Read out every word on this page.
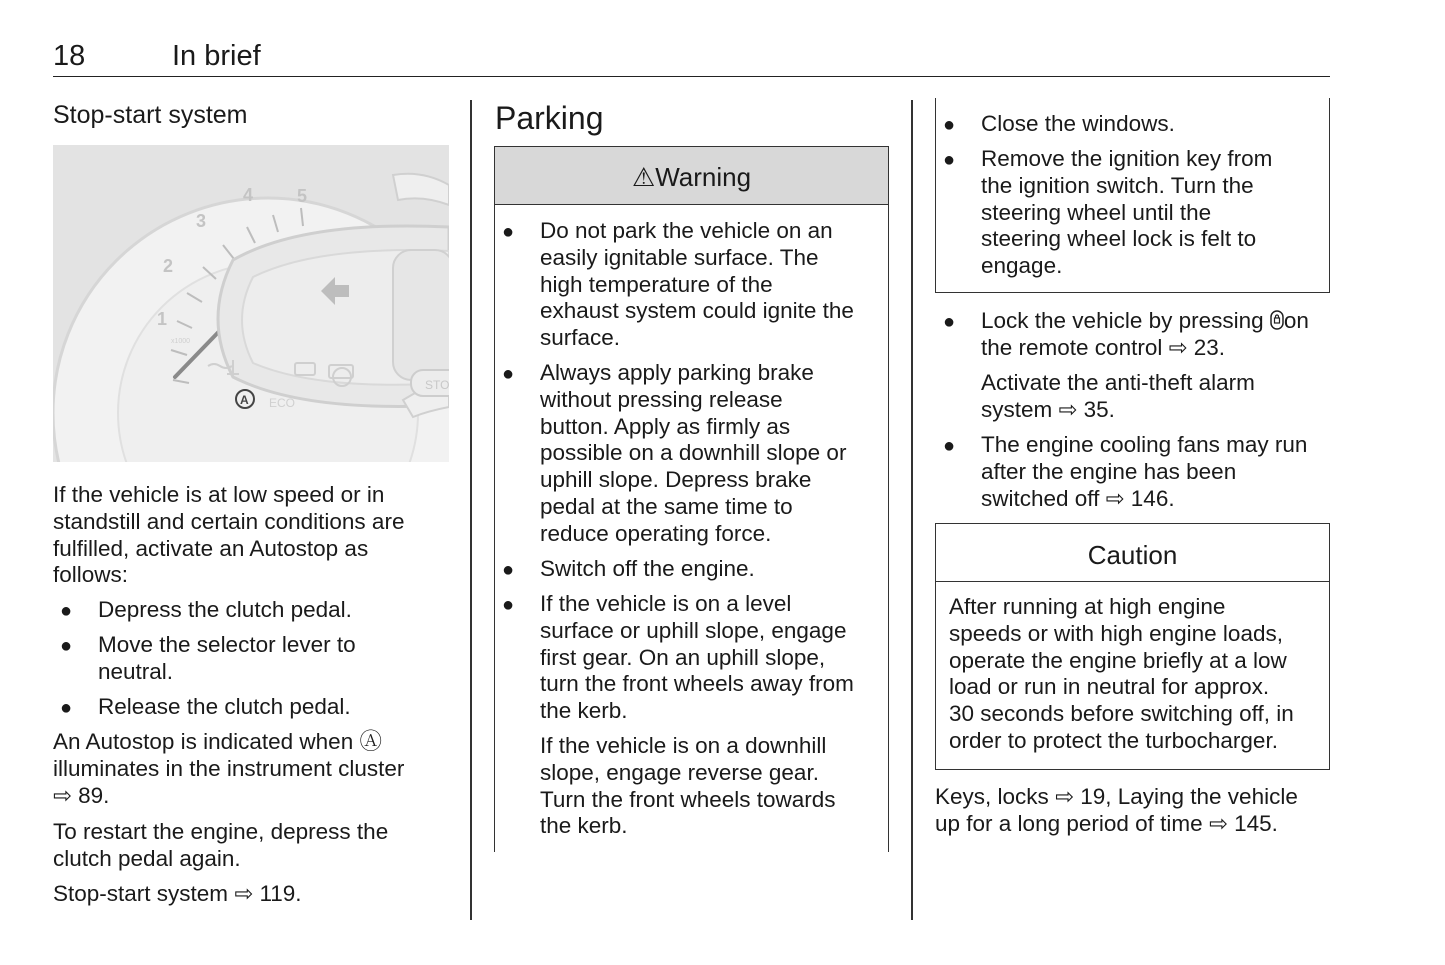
18	In brief
Stop-start system
1
2
3
4 5
x1000
STO
A ECO
If the vehicle is at low speed or in
standstill and certain conditions are
fulfilled, activate an Autostop as
follows:
● Depress the clutch pedal.
● Move the selector lever to
neutral.
● Release the clutch pedal.
An Autostop is indicated when Ⓐ
illuminates in the instrument cluster
⇨ 89.
To restart the engine, depress the
clutch pedal again.
Stop-start system ⇨ 119.
Parking
⚠Warning
● Do not park the vehicle on an
easily ignitable surface. The
high temperature of the
exhaust system could ignite the
surface.
● Always apply parking brake
without pressing release
button. Apply as firmly as
possible on a downhill slope or
uphill slope. Depress brake
pedal at the same time to
reduce operating force.
● Switch off the engine.
● If the vehicle is on a level
surface or uphill slope, engage
first gear. On an uphill slope,
turn the front wheels away from
the kerb.
If the vehicle is on a downhill
slope, engage reverse gear.
Turn the front wheels towards
the kerb.
● Close the windows.
● Remove the ignition key from
the ignition switch. Turn the
steering wheel until the
steering wheel lock is felt to
engage.
● Lock the vehicle by pressing on
the remote control ⇨ 23.
Activate the anti-theft alarm
system ⇨ 35.
● The engine cooling fans may run
after the engine has been
switched off ⇨ 146.
Caution
After running at high engine
speeds or with high engine loads,
operate the engine briefly at a low
load or run in neutral for approx.
30 seconds before switching off, in
order to protect the turbocharger.
Keys, locks ⇨ 19, Laying the vehicle
up for a long period of time ⇨ 145.
